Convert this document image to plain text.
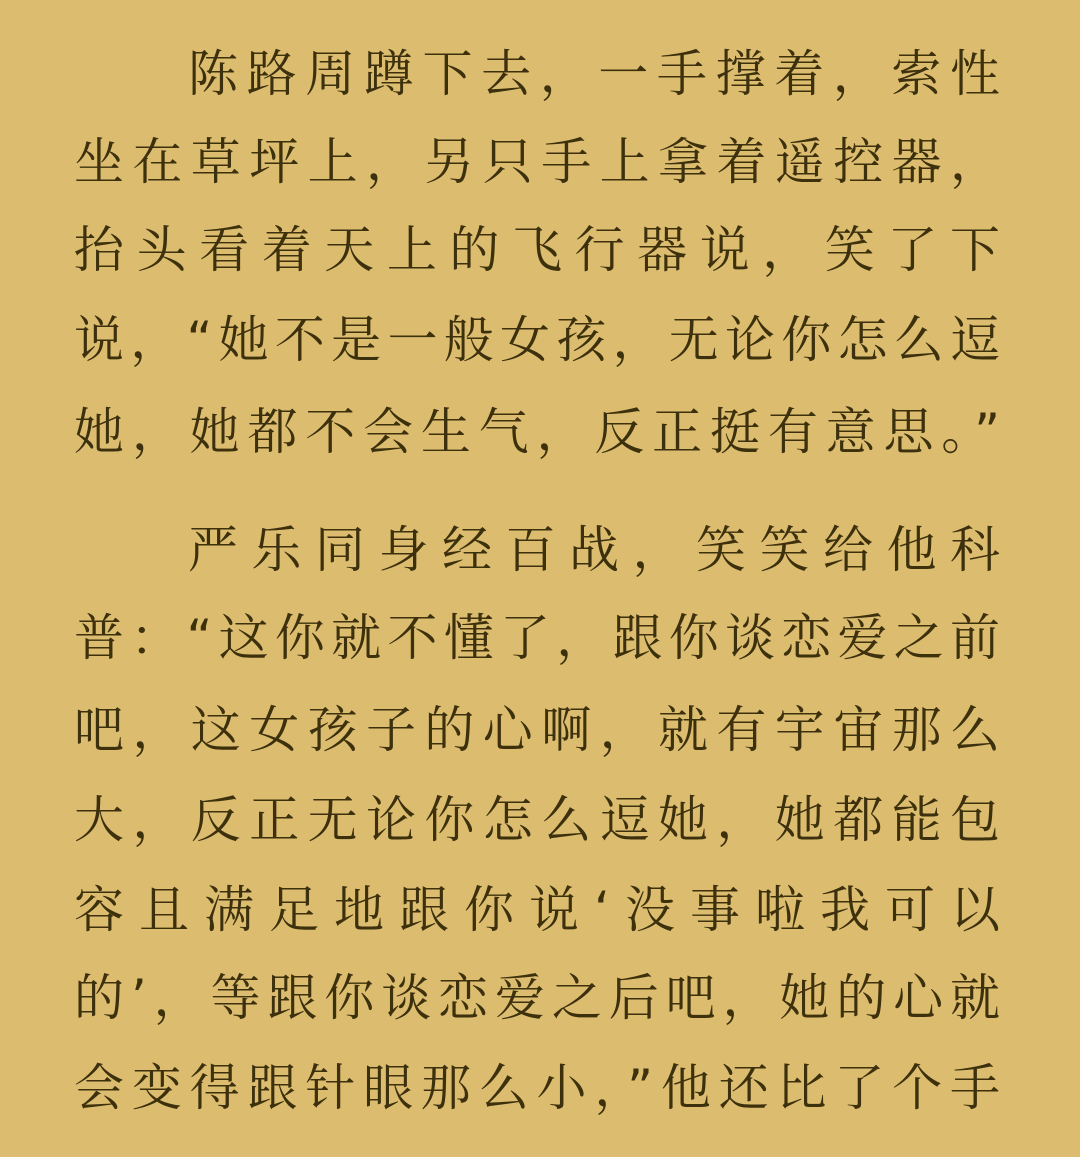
陈路周蹲下去，一手撑着，索性
坐在草坪上，另只手上拿着遥控器，
抬头看着天上的飞行器说，笑了下
说，“她不是一般女孩，无论你怎么逗
她，她都不会生气，反正挺有意思。”
严乐同身经百战，笑笑给他科
普：“这你就不懂了，跟你谈恋爱之前
吧，这女孩子的心啊，就有宇宙那么
大，反正无论你怎么逗她，她都能包
容且满足地跟你说‘没事啦我可以
的’，等跟你谈恋爱之后吧，她的心就
会变得跟针眼那么小，”他还比了个手
